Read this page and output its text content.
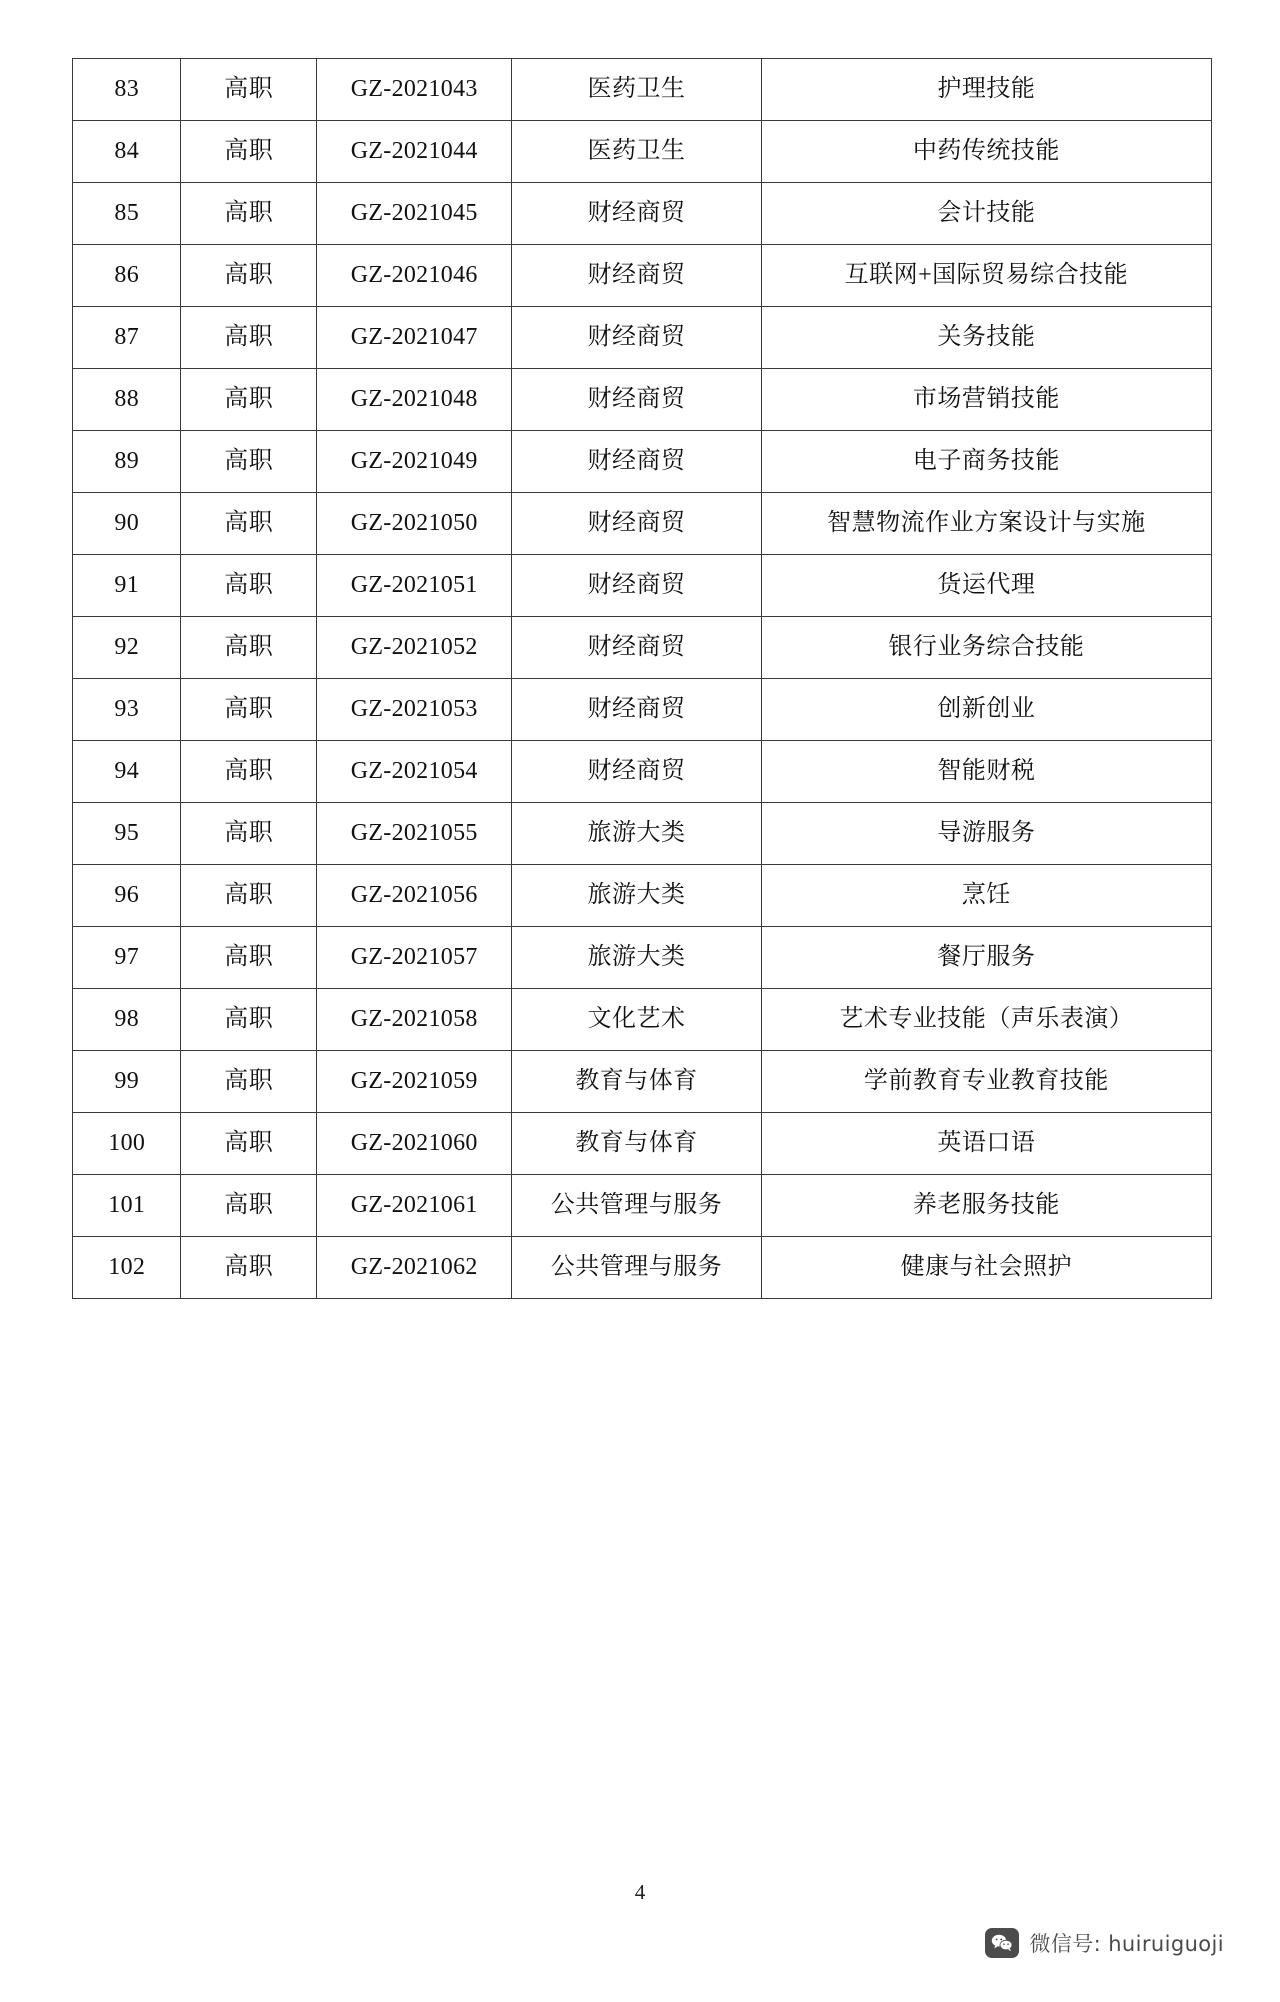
83	高职	GZ-2021043	医药卫生	护理技能
84	高职	GZ-2021044	医药卫生	中药传统技能
85	高职	GZ-2021045	财经商贸	会计技能
86	高职	GZ-2021046	财经商贸	互联网+国际贸易综合技能
87	高职	GZ-2021047	财经商贸	关务技能
88	高职	GZ-2021048	财经商贸	市场营销技能
89	高职	GZ-2021049	财经商贸	电子商务技能
90	高职	GZ-2021050	财经商贸	智慧物流作业方案设计与实施
91	高职	GZ-2021051	财经商贸	货运代理
92	高职	GZ-2021052	财经商贸	银行业务综合技能
93	高职	GZ-2021053	财经商贸	创新创业
94	高职	GZ-2021054	财经商贸	智能财税
95	高职	GZ-2021055	旅游大类	导游服务
96	高职	GZ-2021056	旅游大类	烹饪
97	高职	GZ-2021057	旅游大类	餐厅服务
98	高职	GZ-2021058	文化艺术	艺术专业技能（声乐表演）
99	高职	GZ-2021059	教育与体育	学前教育专业教育技能
100	高职	GZ-2021060	教育与体育	英语口语
101	高职	GZ-2021061	公共管理与服务	养老服务技能
102	高职	GZ-2021062	公共管理与服务	健康与社会照护
4
微信号: huiruiguoji
